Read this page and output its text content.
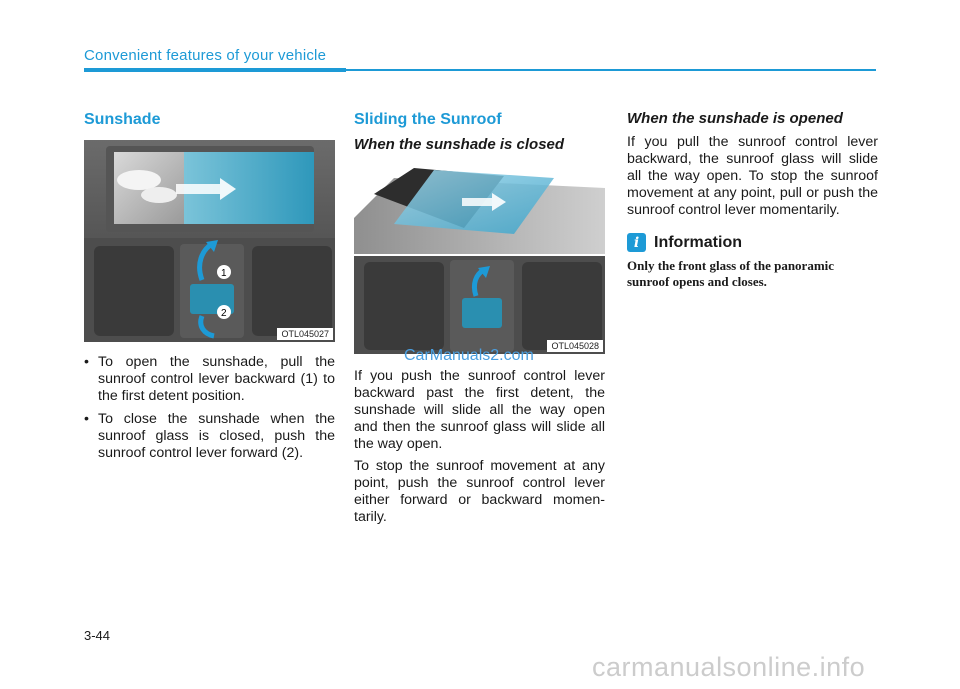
Convenient features of your vehicle
Sunshade
1
2
OTL045027
• To open the sunshade, pull the sunroof control lever backward (1) to the first detent position.
• To close the sunshade when the sunroof glass is closed, push the sunroof control lever forward (2).
Sliding the Sunroof
When the sunshade is closed
OTL045028

If you push the sunroof control lever backward past the first detent, the sunshade will slide all the way open and then the sunroof glass will slide all the way open.

To stop the sunroof movement at any point, push the sunroof control lever either forward or backward momen-tarily.

When the sunshade is opened

If you pull the sunroof control lever backward, the sunroof glass will slide all the way open. To stop the sunroof movement at any point, pull or push the sunroof control lever momentarily.

i Information
Only the front glass of the panoramic sunroof opens and closes.
CarManuals2.com
3-44
carmanualsonline.info
